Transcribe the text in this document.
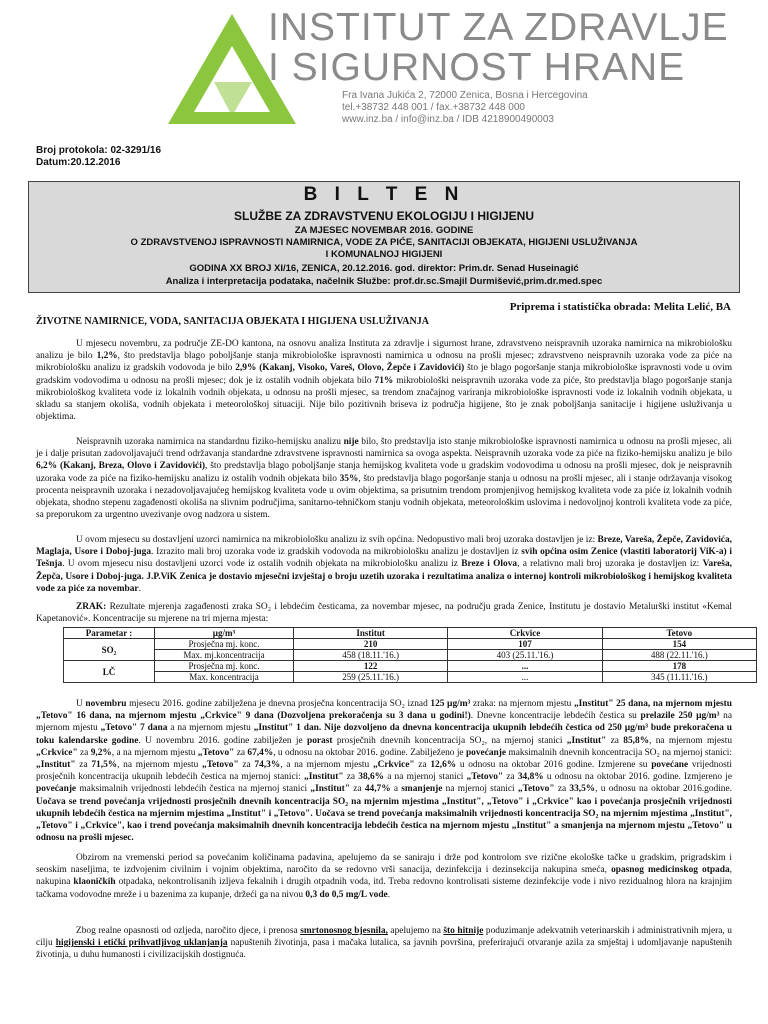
INSTITUT ZA ZDRAVLJE
I SIGURNOST HRANE
Fra Ivana Jukića 2, 72000 Zenica, Bosna i Hercegovina
tel.+38732 448 001 / fax.+38732 448 000
www.inz.ba / info@inz.ba / IDB 4218900490003
Broj protokola: 02-3291/16
Datum:20.12.2016
B I L T E N
SLUŽBE ZA ZDRAVSTVENU EKOLOGIJU I HIGIJENU
ZA MJESEC NOVEMBAR 2016. GODINE
O ZDRAVSTVENOJ ISPRAVNOSTI NAMIRNICA, VODE ZA PIĆE, SANITACIJI OBJEKATA, HIGIJENI USLUŽIVANJA
I KOMUNALNOJ HIGIJENI
GODINA XX BROJ XI/16, ZENICA, 20.12.2016. god. direktor: Prim.dr. Senad Huseinagić
Analiza i interpretacija podataka, načelnik Službe: prof.dr.sc.Smajil Durmišević,prim.dr.med.spec
Priprema i statistička obrada: Melita Lelić, BA
ŽIVOTNE NAMIRNICE, VODA, SANITACIJA OBJEKATA I HIGIJENA USLUŽIVANJA

U mjesecu novembru, za područje ZE-DO kantona, na osnovu analiza Instituta za zdravlje i sigurnost hrane, zdravstveno neispravnih uzoraka namirnica na mikrobiološku analizu je bilo 1,2%, što predstavlja blago poboljšanje stanja mikrobiološke ispravnosti namirnica u odnosu na prošli mjesec; zdravstveno neispravnih uzoraka vode za piće na mikrobiološku analizu iz gradskih vodovoda je bilo 2,9% (Kakanj, Visoko, Vareš, Olovo, Žepče i Zavidovići) što je blago pogoršanje stanja mikrobiološke ispravnosti vode u ovim gradskim vodovodima u odnosu na prošli mjesec; dok je iz ostalih vodnih objekata bilo 71% mikrobiološki neispravnih uzoraka vode za piće, što predstavlja blago pogoršanje stanja mikrobiološkog kvaliteta vode iz lokalnih vodnih objekata, u odnosu na prošli mjesec, sa trendom značajnog variranja mikrobiološke ispravnosti vode iz lokalnih vodnih objekata, u skladu sa stanjem okoliša, vodnih objekata i meteorološkoj situaciji. Nije bilo pozitivnih briseva iz područja higijene, što je znak poboljšanja sanitacije i higijene usluživanja u objektima.

Neispravnih uzoraka namirnica na standardnu fiziko-hemijsku analizu nije bilo, što predstavlja isto stanje mikrobiološke ispravnosti namirnica u odnosu na prošli mjesec, ali je i dalje prisutan zadovoljavajući trend održavanja standardne zdravstvene ispravnosti namirnica sa ovoga aspekta. Neispravnih uzoraka vode za piće na fiziko-hemijsku analizu je bilo 6,2% (Kakanj, Breza, Olovo i Zavidovići), što predstavlja blago poboljšanje stanja hemijskog kvaliteta vode u gradskim vodovodima u odnosu na prošli mjesec, dok je neispravnih uzoraka vode za piće na fiziko-hemijsku analizu iz ostalih vodnih objekata bilo 35%, što predstavlja blago pogoršanje stanja u odnosu na prošli mjesec, ali i stanje održavanja visokog procenta neispravnih uzoraka i nezadovoljavajućeg hemijskog kvaliteta vode u ovim objektima, sa prisutnim trendom promjenjivog hemijskog kvaliteta vode za piće iz lokalnih vodnih objekata, shodno stepenu zagađenosti okoliša na slivnim područjima, sanitarno-tehničkom stanju vodnih objekata, meteorološkim uslovima i nedovoljnoj kontroli kvaliteta vode za piće, sa preporukom za urgentno uvezivanje ovog nadzora u sistem.

U ovom mjesecu su dostavljeni uzorci namirnica na mikrobiološku analizu iz svih općina. Nedopustivo mali broj uzoraka dostavljen je iz: Breze, Vareša, Žepče, Zavidovića, Maglaja, Usore i Doboj-juga. Izrazito mali broj uzoraka vode iz gradskih vodovoda na mikrobiološku analizu je dostavljen iz svih općina osim Zenice (vlastiti laboratorij ViK-a) i Tešnja. U ovom mjesecu nisu dostavljeni uzorci vode iz ostalih vodnih objekata na mikrobiološku analizu iz Breze i Olova, a relativno mali broj uzoraka je dostavljen iz: Vareša, Žepča, Usore i Doboj-juga. J.P.ViK Zenica je dostavio mjesečni izvještaj o broju uzetih uzoraka i rezultatima analiza o internoj kontroli mikrobiološkog i hemijskog kvaliteta vode za piće za novembar.

ZRAK: Rezultate mjerenja zagađenosti zraka SO₂ i lebdećim česticama, za novembar mjesec, na području grada Zenice, Institutu je dostavio Metalurški institut «Kemal Kapetanović». Koncentracije su mjerene na tri mjerna mjesta:

Parametar :	µg/m³	Institut	Crkvice	Tetovo
SO₂	Prosječna mj. konc.	210	107	154
	Max. mj.koncentracija	458 (18.11.'16.)	403 (25.11.'16.)	488 (22.11.'16.)
LČ	Prosječna mj. konc.	122	...	178
	Max. koncentracija	259 (25.11.'16.)	...	345 (11.11.'16.)

U novembru mjesecu 2016. godine zabilježena je dnevna prosječna koncentracija SO₂ iznad 125 µg/m³ zraka: na mjernom mjestu „Institut" 25 dana, na mjernom mjestu „Tetovo" 16 dana, na mjernom mjestu „Crkvice" 9 dana (Dozvoljena prekoračenja su 3 dana u godini!). Dnevne koncentracije lebdećih čestica su prelazile 250 µg/m³ na mjernom mjestu „Tetovo" 7 dana a na mjernom mjestu „Institut" 1 dan. Nije dozvoljeno da dnevna koncentracija ukupnih lebdećih čestica od 250 µg/m³ bude prekoračena u toku kalendarske godine. U novembru 2016. godine zabilježen je porast prosječnih dnevnih koncentracija SO₂, na mjernoj stanici „Institut" za 85,8%, na mjernom mjestu „Crkvice" za 9,2%, a na mjernom mjestu „Tetovo" za 67,4%, u odnosu na oktobar 2016. godine. Zabilježeno je povećanje maksimalnih dnevnih koncentracija SO₂ na mjernoj stanici: „Institut" za 71,5%, na mjernom mjestu „Tetovo" za 74,3%, a na mjernom mjestu „Crkvice" za 12,6% u odnosu na oktobar 2016 godine. Izmjerene su povećane vrijednosti prosječnih koncentracija ukupnih lebdećih čestica na mjernoj stanici: „Institut" za 38,6% a na mjernoj stanici „Tetovo" za 34,8% u odnosu na oktobar 2016. godine. Izmjereno je povećanje maksimalnih vrijednosti lebdećih čestica na mjernoj stanici „Institut" za 44,7% a smanjenje na mjernoj stanici „Tetovo" za 33,5%, u odnosu na oktobar 2016.godine. Uočava se trend povećanja vrijednosti prosječnih dnevnih koncentracija SO₂ na mjernim mjestima „Institut", „Tetovo" i „Crkvice" kao i povećanja prosječnih vrijednosti ukupnih lebdećih čestica na mjernim mjestima „Institut" i „Tetovo". Uočava se trend povećanja maksimalnih vrijednosti koncentracija SO₂ na mjernim mjestima „Institut", „Tetovo" i „Crkvice", kao i trend povećanja maksimalnih dnevnih koncentracija lebdećih čestica na mjernom mjestu „Institut" a smanjenja na mjernom mjestu „Tetovo" u odnosu na prošli mjesec.

Obzirom na vremenski period sa povećanim količinama padavina, apelujemo da se saniraju i drže pod kontrolom sve rizične ekološke tačke u gradskim, prigradskim i seoskim naseljima, te izdvojenim civilnim i vojnim objektima, naročito da se redovno vrši sanacija, dezinfekcija i dezinsekcija nakupina smeća, opasnog medicinskog otpada, nakupina klaoničkih otpadaka, nekontrolisanih izljeva fekalnih i drugih otpadnih voda, itd. Treba redovno kontrolisati sisteme dezinfekcije vode i nivo rezidualnog hlora na krajnjim tačkama vodovodne mreže i u bazenima za kupanje, držeći ga na nivou 0,3 do 0,5 mg/L vode.

Zbog realne opasnosti od ozljeda, naročito djece, i prenosa smrtonosnog bjesnila, apelujemo na što hitnije poduzimanje adekvatnih veterinarskih i administrativnih mjera, u cilju higijenski i etički prihvatljivog uklanjanja napuštenih životinja, pasa i mačaka lutalica, sa javnih površina, preferirajući otvaranje azila za smještaj i udomljavanje napuštenih životinja, u duhu humanosti i civilizacijskih dostignuća.
